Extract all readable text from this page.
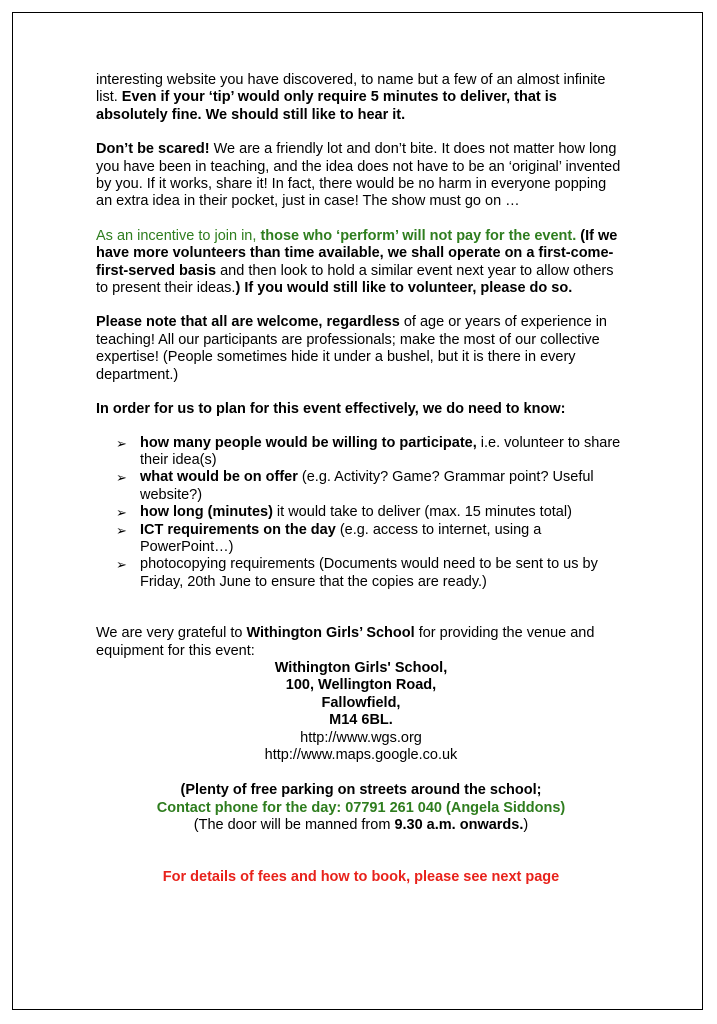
interesting website you have discovered, to name but a few of an almost infinite list. Even if your ‘tip’ would only require 5 minutes to deliver, that is absolutely fine. We should still like to hear it.

Don’t be scared! We are a friendly lot and don’t bite. It does not matter how long you have been in teaching, and the idea does not have to be an ‘original’ invented by you. If it works, share it! In fact, there would be no harm in everyone popping an extra idea in their pocket, just in case! The show must go on …

As an incentive to join in, those who ‘perform’ will not pay for the event. (If we have more volunteers than time available, we shall operate on a first-come-first-served basis and then look to hold a similar event next year to allow others to present their ideas.) If you would still like to volunteer, please do so.

Please note that all are welcome, regardless of age or years of experience in teaching! All our participants are professionals; make the most of our collective expertise! (People sometimes hide it under a bushel, but it is there in every department.)

In order for us to plan for this event effectively, we do need to know:

➢ how many people would be willing to participate, i.e. volunteer to share their idea(s)
➢ what would be on offer (e.g. Activity? Game? Grammar point? Useful website?)
➢ how long (minutes) it would take to deliver (max. 15 minutes total)
➢ ICT requirements on the day (e.g. access to internet, using a PowerPoint…)
➢ photocopying requirements (Documents would need to be sent to us by Friday, 20th June to ensure that the copies are ready.)

We are very grateful to Withington Girls’ School for providing the venue and equipment for this event:

Withington Girls' School,
100, Wellington Road,
Fallowfield,
M14 6BL.
http://www.wgs.org
http://www.maps.google.co.uk
(Plenty of free parking on streets around the school;
Contact phone for the day: 07791 261 040 (Angela Siddons)
(The door will be manned from 9.30 a.m. onwards.)
For details of fees and how to book, please see next page
